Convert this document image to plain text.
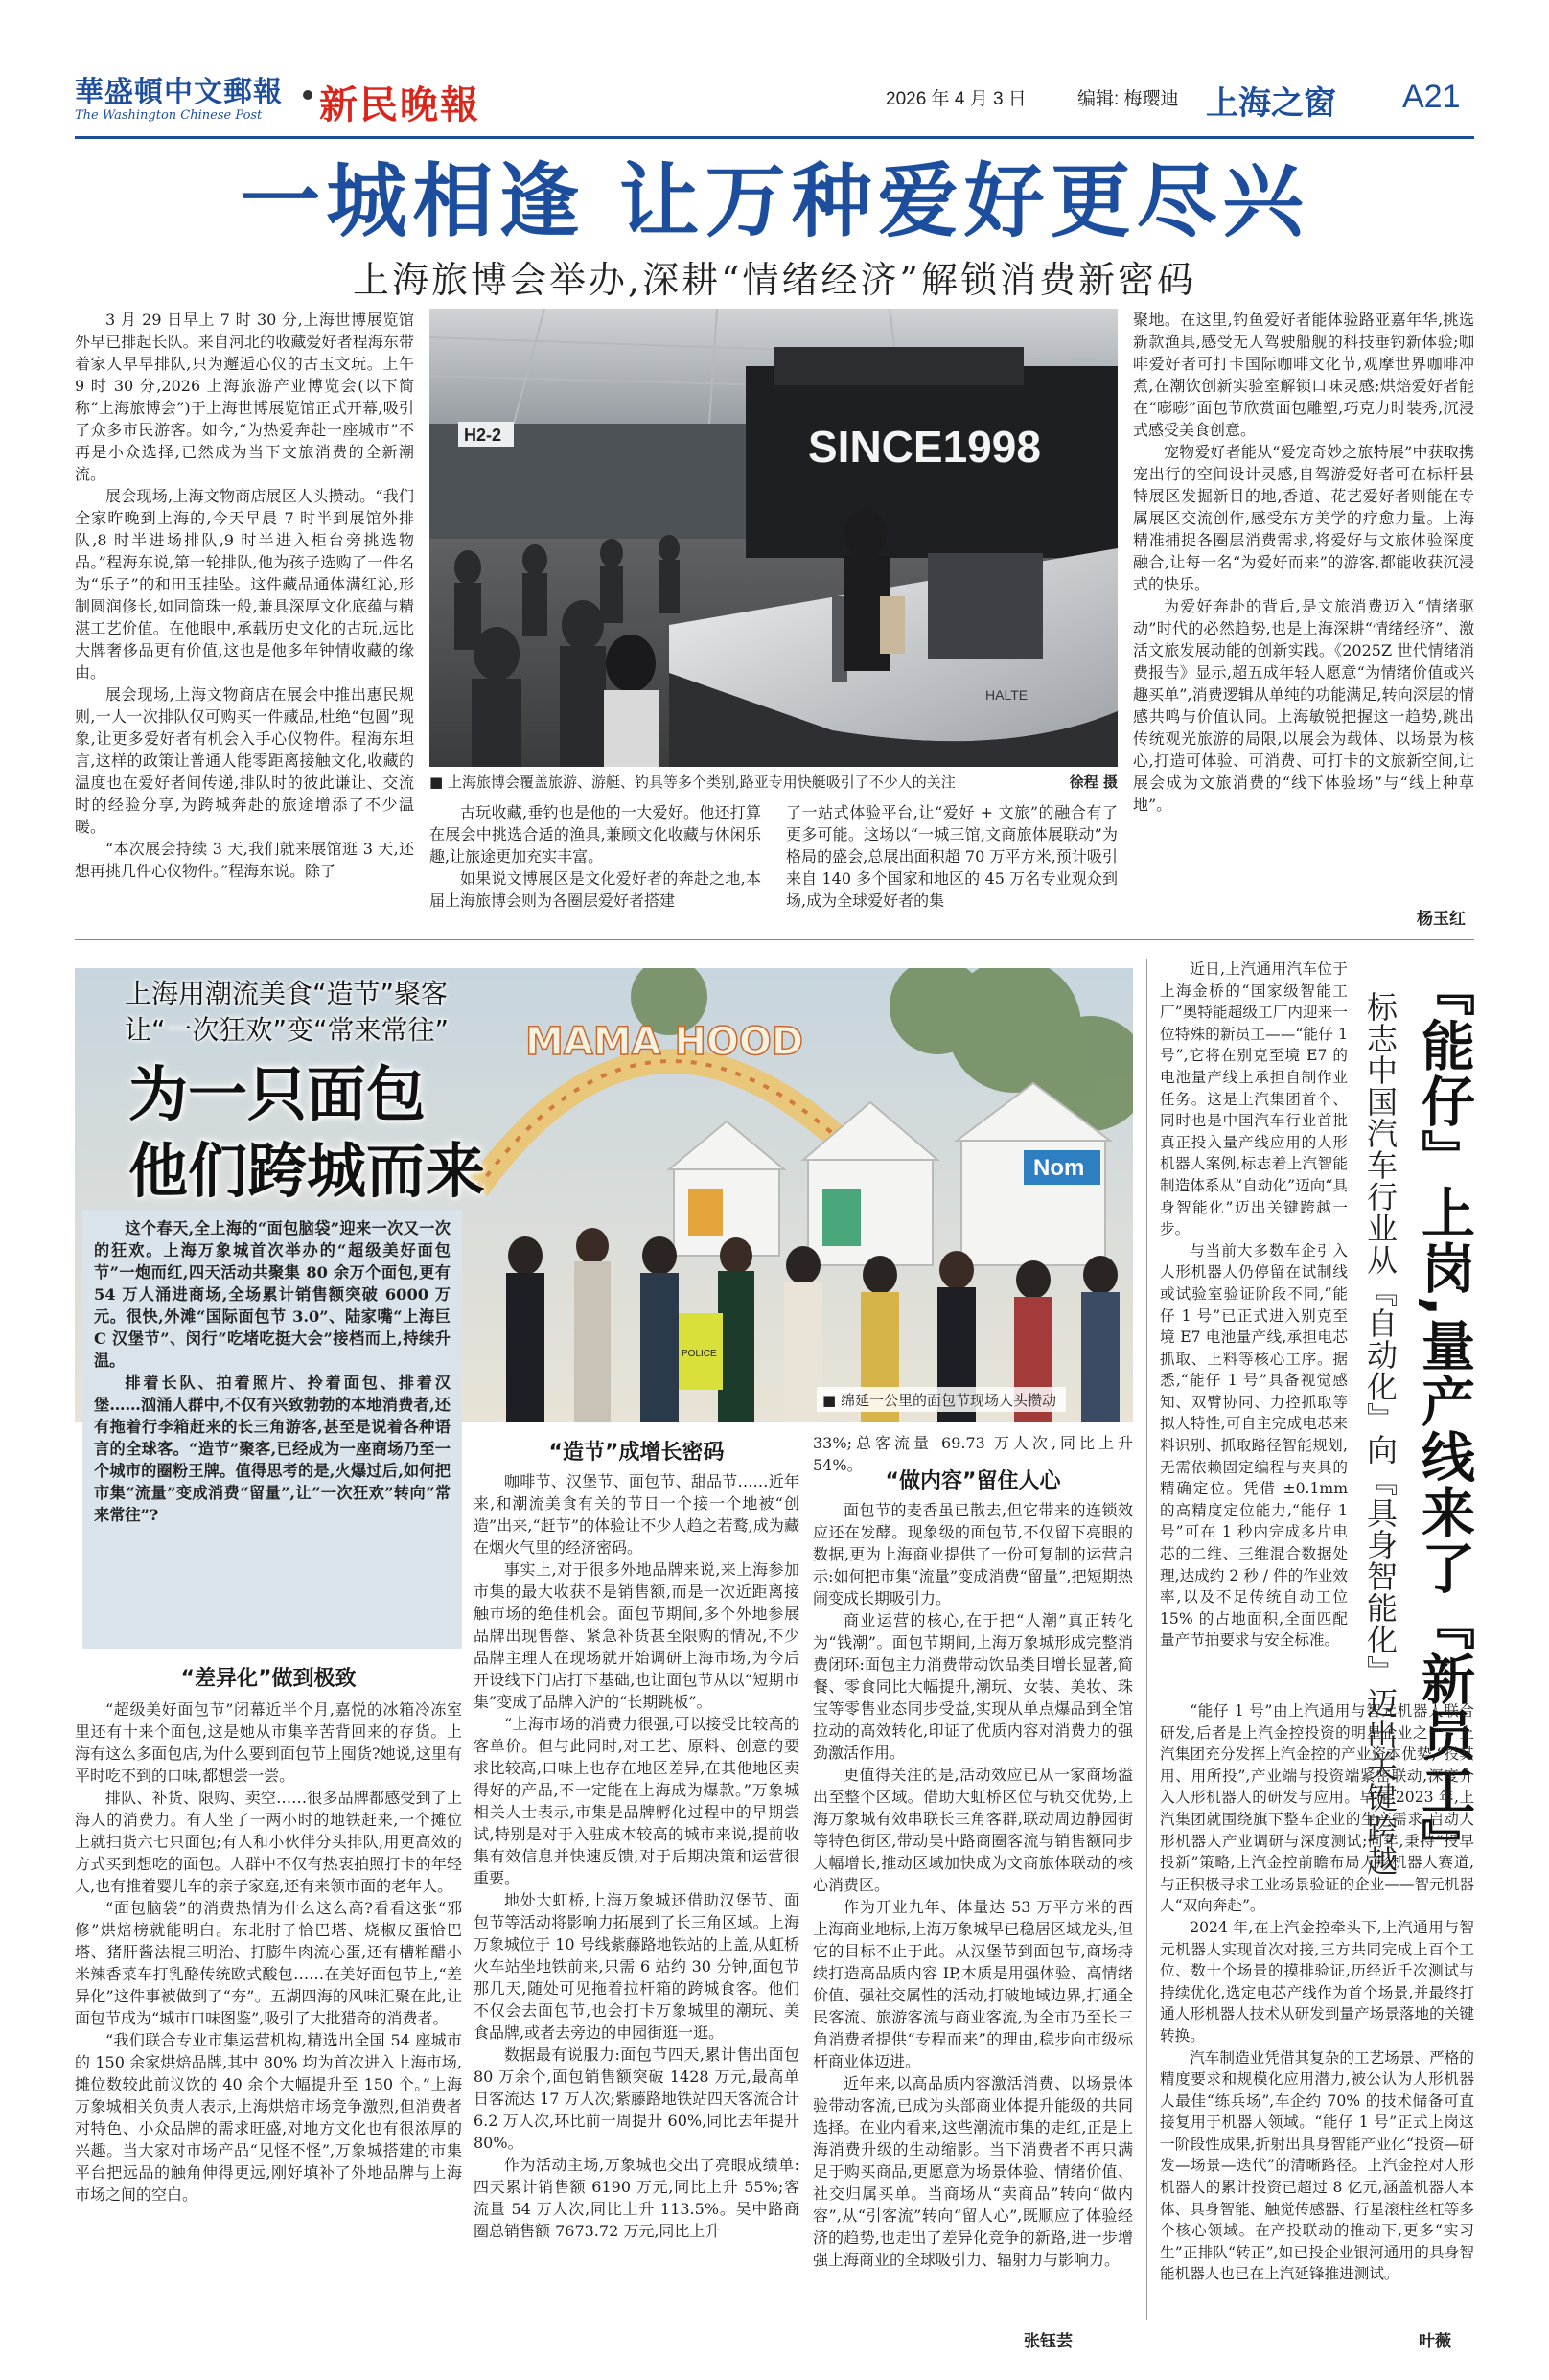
華盛頓中文郵報
The Washington Chinese Post	新民晚報	2026 年 4 月 3 日	编辑: 梅璎迪 上海之窗 A21
一城相逢 让万种爱好更尽兴
上海旅博会举办,深耕“情绪经济”解锁消费新密码

3 月 29 日早上 7 时 30 分,上海世博展览馆外早已排起长队。来自河北的收藏爱好者程海东带着家人早早排队,只为邂逅心仪的古玉文玩。上午 9 时 30 分,2026 上海旅游产业博览会(以下简称“上海旅博会”)于上海世博展览馆正式开幕,吸引了众多市民游客。如今,“为热爱奔赴一座城市”不再是小众选择,已然成为当下文旅消费的全新潮流。

展会现场,上海文物商店展区人头攒动。“我们全家昨晚到上海的,今天早晨 7 时半到展馆外排队,8 时半进场排队,9 时半进入柜台旁挑选物品。”程海东说,第一轮排队,他为孩子选购了一件名为“乐子”的和田玉挂坠。这件藏品通体满红沁,形制圆润修长,如同筒珠一般,兼具深厚文化底蕴与精湛工艺价值。在他眼中,承载历史文化的古玩,远比大牌奢侈品更有价值,这也是他多年钟情收藏的缘由。

展会现场,上海文物商店在展会中推出惠民规则,一人一次排队仅可购买一件藏品,杜绝“包圆”现象,让更多爱好者有机会入手心仪物件。程海东坦言,这样的政策让普通人能零距离接触文化,收藏的温度也在爱好者间传递,排队时的彼此谦让、交流时的经验分享,为跨城奔赴的旅途增添了不少温暖。

“本次展会持续 3 天,我们就来展馆逛 3 天,还想再挑几件心仪物件。”程海东说。除了

SINCE1998
H2-2
HALTE
■ 上海旅博会覆盖旅游、游艇、钓具等多个类别,路亚专用快艇吸引了不少人的关注	徐程 摄

古玩收藏,垂钓也是他的一大爱好。他还打算在展会中挑选合适的渔具,兼顾文化收藏与休闲乐趣,让旅途更加充实丰富。

如果说文博展区是文化爱好者的奔赴之地,本届上海旅博会则为各圈层爱好者搭建

了一站式体验平台,让“爱好 + 文旅”的融合有了更多可能。这场以“一城三馆,文商旅体展联动”为格局的盛会,总展出面积超 70 万平方米,预计吸引来自 140 多个国家和地区的 45 万名专业观众到场,成为全球爱好者的集

聚地。在这里,钓鱼爱好者能体验路亚嘉年华,挑选新款渔具,感受无人驾驶船舰的科技垂钓新体验;咖啡爱好者可打卡国际咖啡文化节,观摩世界咖啡冲煮,在潮饮创新实验室解锁口味灵感;烘焙爱好者能在“嘭嘭”面包节欣赏面包雕塑,巧克力时装秀,沉浸式感受美食创意。

宠物爱好者能从“爱宠奇妙之旅特展”中获取携宠出行的空间设计灵感,自驾游爱好者可在标杆县特展区发掘新目的地,香道、花艺爱好者则能在专属展区交流创作,感受东方美学的疗愈力量。上海精准捕捉各圈层消费需求,将爱好与文旅体验深度融合,让每一名“为爱好而来”的游客,都能收获沉浸式的快乐。

为爱好奔赴的背后,是文旅消费迈入“情绪驱动”时代的必然趋势,也是上海深耕“情绪经济”、激活文旅发展动能的创新实践。《2025Z 世代情绪消费报告》显示,超五成年轻人愿意“为情绪价值或兴趣买单”,消费逻辑从单纯的功能满足,转向深层的情感共鸣与价值认同。上海敏锐把握这一趋势,跳出传统观光旅游的局限,以展会为载体、以场景为核心,打造可体验、可消费、可打卡的文旅新空间,让展会成为文旅消费的“线下体验场”与“线上种草地”。

杨玉红
MAMA HOOD
Nom
POLICE
上海用潮流美食“造节”聚客
让“一次狂欢”变“常来常往”
为一只面包
他们跨城而来

这个春天,全上海的“面包脑袋”迎来一次又一次的狂欢。上海万象城首次举办的“超级美好面包节”一炮而红,四天活动共聚集 80 余万个面包,更有 54 万人涌进商场,全场累计销售额突破 6000 万元。很快,外滩“国际面包节 3.0”、陆家嘴“上海巨 C 汉堡节”、闵行“吃堵吃挺大会”接档而上,持续升温。

排着长队、拍着照片、拎着面包、排着汉堡……汹涌人群中,不仅有兴致勃勃的本地消费者,还有拖着行李箱赶来的长三角游客,甚至是说着各种语言的全球客。“造节”聚客,已经成为一座商场乃至一个城市的圈粉王牌。值得思考的是,火爆过后,如何把市集“流量”变成消费“留量”,让“一次狂欢”转向“常来常往”?

■ 绵延一公里的面包节现场人头攒动
“差异化”做到极致

“超级美好面包节”闭幕近半个月,嘉悦的冰箱冷冻室里还有十来个面包,这是她从市集辛苦背回来的存货。上海有这么多面包店,为什么要到面包节上囤货?她说,这里有平时吃不到的口味,都想尝一尝。

排队、补货、限购、卖空……很多品牌都感受到了上海人的消费力。有人坐了一两小时的地铁赶来,一个摊位上就扫货六七只面包;有人和小伙伴分头排队,用更高效的方式买到想吃的面包。人群中不仅有热衷拍照打卡的年轻人,也有推着婴儿车的亲子家庭,还有来领市面的老年人。

“面包脑袋”的消费热情为什么这么高?看看这张“邪修”烘焙榜就能明白。东北肘子恰巴塔、烧椒皮蛋恰巴塔、猪肝酱法棍三明治、打膨牛肉流心蛋,还有槽粕醋小米辣香菜车打乳酪传统欧式酸包……在美好面包节上,“差异化”这件事被做到了“夯”。五湖四海的风味汇聚在此,让面包节成为“城市口味图鉴”,吸引了大批猎奇的消费者。

“我们联合专业市集运营机构,精选出全国 54 座城市的 150 余家烘焙品牌,其中 80% 均为首次进入上海市场,摊位数较此前议饮的 40 余个大幅提升至 150 个。”上海万象城相关负责人表示,上海烘焙市场竞争激烈,但消费者对特色、小众品牌的需求旺盛,对地方文化也有很浓厚的兴趣。当大家对市场产品“见怪不怪”,万象城搭建的市集平台把远品的触角伸得更远,刚好填补了外地品牌与上海市场之间的空白。

“造节”成增长密码

咖啡节、汉堡节、面包节、甜品节……近年来,和潮流美食有关的节日一个接一个地被“创造”出来,“赶节”的体验让不少人趋之若鹜,成为藏在烟火气里的经济密码。

事实上,对于很多外地品牌来说,来上海参加市集的最大收获不是销售额,而是一次近距离接触市场的绝佳机会。面包节期间,多个外地参展品牌出现售罄、紧急补货甚至限购的情况,不少品牌主理人在现场就开始调研上海市场,为今后开设线下门店打下基础,也让面包节从以“短期市集”变成了品牌入沪的“长期跳板”。

“上海市场的消费力很强,可以接受比较高的客单价。但与此同时,对工艺、原料、创意的要求比较高,口味上也存在地区差异,在其他地区卖得好的产品,不一定能在上海成为爆款。”万象城相关人士表示,市集是品牌孵化过程中的早期尝试,特别是对于入驻成本较高的城市来说,提前收集有效信息并快速反馈,对于后期决策和运营很重要。

地处大虹桥,上海万象城还借助汉堡节、面包节等活动将影响力拓展到了长三角区域。上海万象城位于 10 号线紫藤路地铁站的上盖,从虹桥火车站坐地铁前来,只需 6 站约 30 分钟,面包节那几天,随处可见拖着拉杆箱的跨城食客。他们不仅会去面包节,也会打卡万象城里的潮玩、美食品牌,或者去旁边的申园街逛一逛。

数据最有说服力:面包节四天,累计售出面包 80 万余个,面包销售额突破 1428 万元,最高单日客流达 17 万人次;紫藤路地铁站四天客流合计 6.2 万人次,环比前一周提升 60%,同比去年提升 80%。

作为活动主场,万象城也交出了亮眼成绩单:四天累计销售额 6190 万元,同比上升 55%;客流量 54 万人次,同比上升 113.5%。吴中路商圈总销售额 7673.72 万元,同比上升

33%;总客流量 69.73 万人次,同比上升 54%。

“做内容”留住人心

面包节的麦香虽已散去,但它带来的连锁效应还在发酵。现象级的面包节,不仅留下亮眼的数据,更为上海商业提供了一份可复制的运营启示:如何把市集“流量”变成消费“留量”,把短期热闹变成长期吸引力。

商业运营的核心,在于把“人潮”真正转化为“钱潮”。面包节期间,上海万象城形成完整消费闭环:面包主力消费带动饮品类目增长显著,简餐、零食同比大幅提升,潮玩、女装、美妆、珠宝等零售业态同步受益,实现从单点爆品到全馆拉动的高效转化,印证了优质内容对消费力的强劲激活作用。

更值得关注的是,活动效应已从一家商场溢出至整个区域。借助大虹桥区位与轨交优势,上海万象城有效串联长三角客群,联动周边静园街等特色街区,带动吴中路商圈客流与销售额同步大幅增长,推动区域加快成为文商旅体联动的核心消费区。

作为开业九年、体量达 53 万平方米的西上海商业地标,上海万象城早已稳居区域龙头,但它的目标不止于此。从汉堡节到面包节,商场持续打造高品质内容 IP,本质是用强体验、高情绪价值、强社交属性的活动,打破地域边界,打通全民客流、旅游客流与商业客流,为全市乃至长三角消费者提供“专程而来”的理由,稳步向市级标杆商业体迈进。

近年来,以高品质内容激活消费、以场景体验带动客流,已成为头部商业体提升能级的共同选择。在业内看来,这些潮流市集的走红,正是上海消费升级的生动缩影。当下消费者不再只满足于购买商品,更愿意为场景体验、情绪价值、社交归属买单。当商场从“卖商品”转向“做内容”,从“引客流”转向“留人心”,既顺应了体验经济的趋势,也走出了差异化竞争的新路,进一步增强上海商业的全球吸引力、辐射力与影响力。

张钰芸
『能仔』上岗,量产线来了『新员工』
标志中国汽车行业从『自动化』向『具身智能化』迈出关键跨越

近日,上汽通用汽车位于上海金桥的“国家级智能工厂”奥特能超级工厂内迎来一位特殊的新员工——“能仔 1 号”,它将在别克至境 E7 的电池量产线上承担自制作业任务。这是上汽集团首个、同时也是中国汽车行业首批真正投入量产线应用的人形机器人案例,标志着上汽智能制造体系从“自动化”迈向“具身智能化”迈出关键跨越一步。

与当前大多数车企引入人形机器人仍停留在试制线或试验室验证阶段不同,“能仔 1 号”已正式进入别克至境 E7 电池量产线,承担电芯抓取、上料等核心工序。据悉,“能仔 1 号”具备视觉感知、双臂协同、力控抓取等拟人特性,可自主完成电芯来料识别、抓取路径智能规划,无需依赖固定编程与夹具的精确定位。凭借 ±0.1mm 的高精度定位能力,“能仔 1 号”可在 1 秒内完成多片电芯的二维、三维混合数据处理,达成约 2 秒 / 件的作业效率,以及不足传统自动工位 15% 的占地面积,全面匹配量产节拍要求与安全标准。

“能仔 1 号”由上汽通用与智元机器人联合研发,后者是上汽金控投资的明星企业之一。上汽集团充分发挥上汽金控的产业资本优势,“投其用、用所投”,产业端与投资端紧密联动,深度介入人形机器人的研发与应用。早在 2023 年,上汽集团就围绕旗下整车企业的生产需求,启动人形机器人产业调研与深度测试;同年,秉持“投早投新”策略,上汽金控前瞻布局人形机器人赛道,与正积极寻求工业场景验证的企业——智元机器人“双向奔赴”。

2024 年,在上汽金控牵头下,上汽通用与智元机器人实现首次对接,三方共同完成上百个工位、数十个场景的摸排验证,历经近千次测试与持续优化,选定电芯产线作为首个场景,并最终打通人形机器人技术从研发到量产场景落地的关键转换。

汽车制造业凭借其复杂的工艺场景、严格的精度要求和规模化应用潜力,被公认为人形机器人最佳“练兵场”,车企约 70% 的技术储备可直接复用于机器人领域。“能仔 1 号”正式上岗这一阶段性成果,折射出具身智能产业化“投资—研发—场景—迭代”的清晰路径。上汽金控对人形机器人的累计投资已超过 8 亿元,涵盖机器人本体、具身智能、触觉传感器、行星滚柱丝杠等多个核心领域。在产投联动的推动下,更多“实习生”正排队“转正”,如已投企业银河通用的具身智能机器人也已在上汽延锋推进测试。

叶薇
